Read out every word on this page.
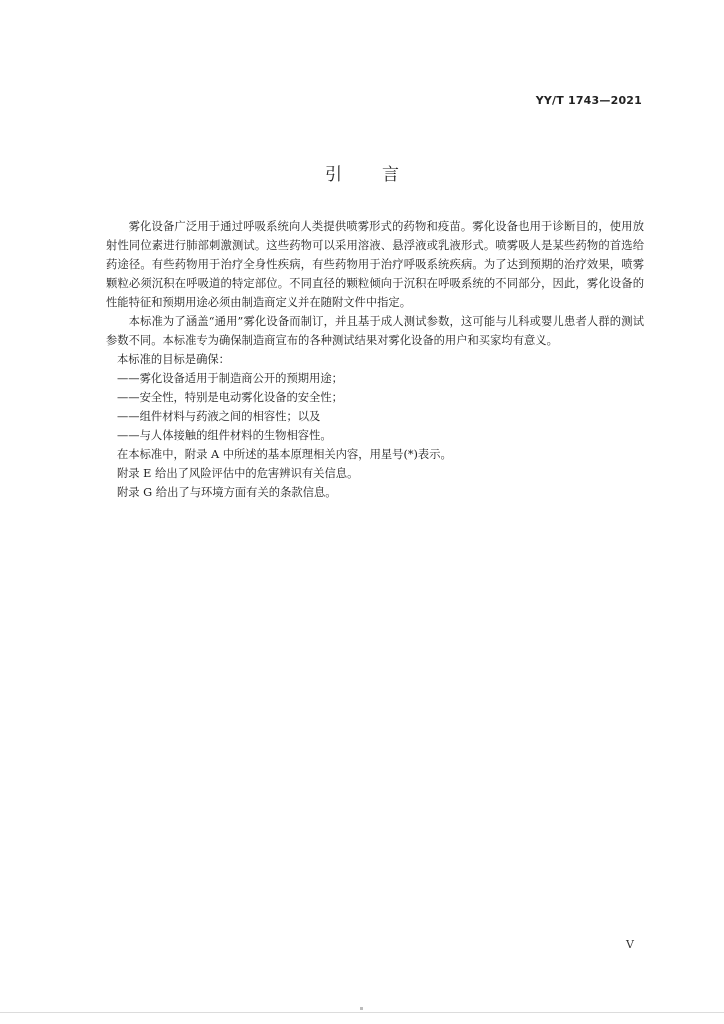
YY/T 1743—2021
引言

雾化设备广泛用于通过呼吸系统向人类提供喷雾形式的药物和疫苗。雾化设备也用于诊断目的，使用放射性同位素进行肺部刺激测试。这些药物可以采用溶液、悬浮液或乳液形式。喷雾吸人是某些药物的首选给药途径。有些药物用于治疗全身性疾病，有些药物用于治疗呼吸系统疾病。为了达到预期的治疗效果，喷雾颗粒必须沉积在呼吸道的特定部位。不同直径的颗粒倾向于沉积在呼吸系统的不同部分，因此，雾化设备的性能特征和预期用途必须由制造商定义并在随附文件中指定。

本标准为了涵盖“通用”雾化设备而制订，并且基于成人测试参数，这可能与儿科或婴儿患者人群的测试参数不同。本标准专为确保制造商宣布的各种测试结果对雾化设备的用户和买家均有意义。

本标准的目标是确保：

——雾化设备适用于制造商公开的预期用途；

——安全性，特别是电动雾化设备的安全性；

——组件材料与药液之间的相容性；以及

——与人体接触的组件材料的生物相容性。

在本标准中，附录 A 中所述的基本原理相关内容，用星号(*)表示。

附录 E 给出了风险评估中的危害辨识有关信息。

附录 G 给出了与环境方面有关的条款信息。

V
